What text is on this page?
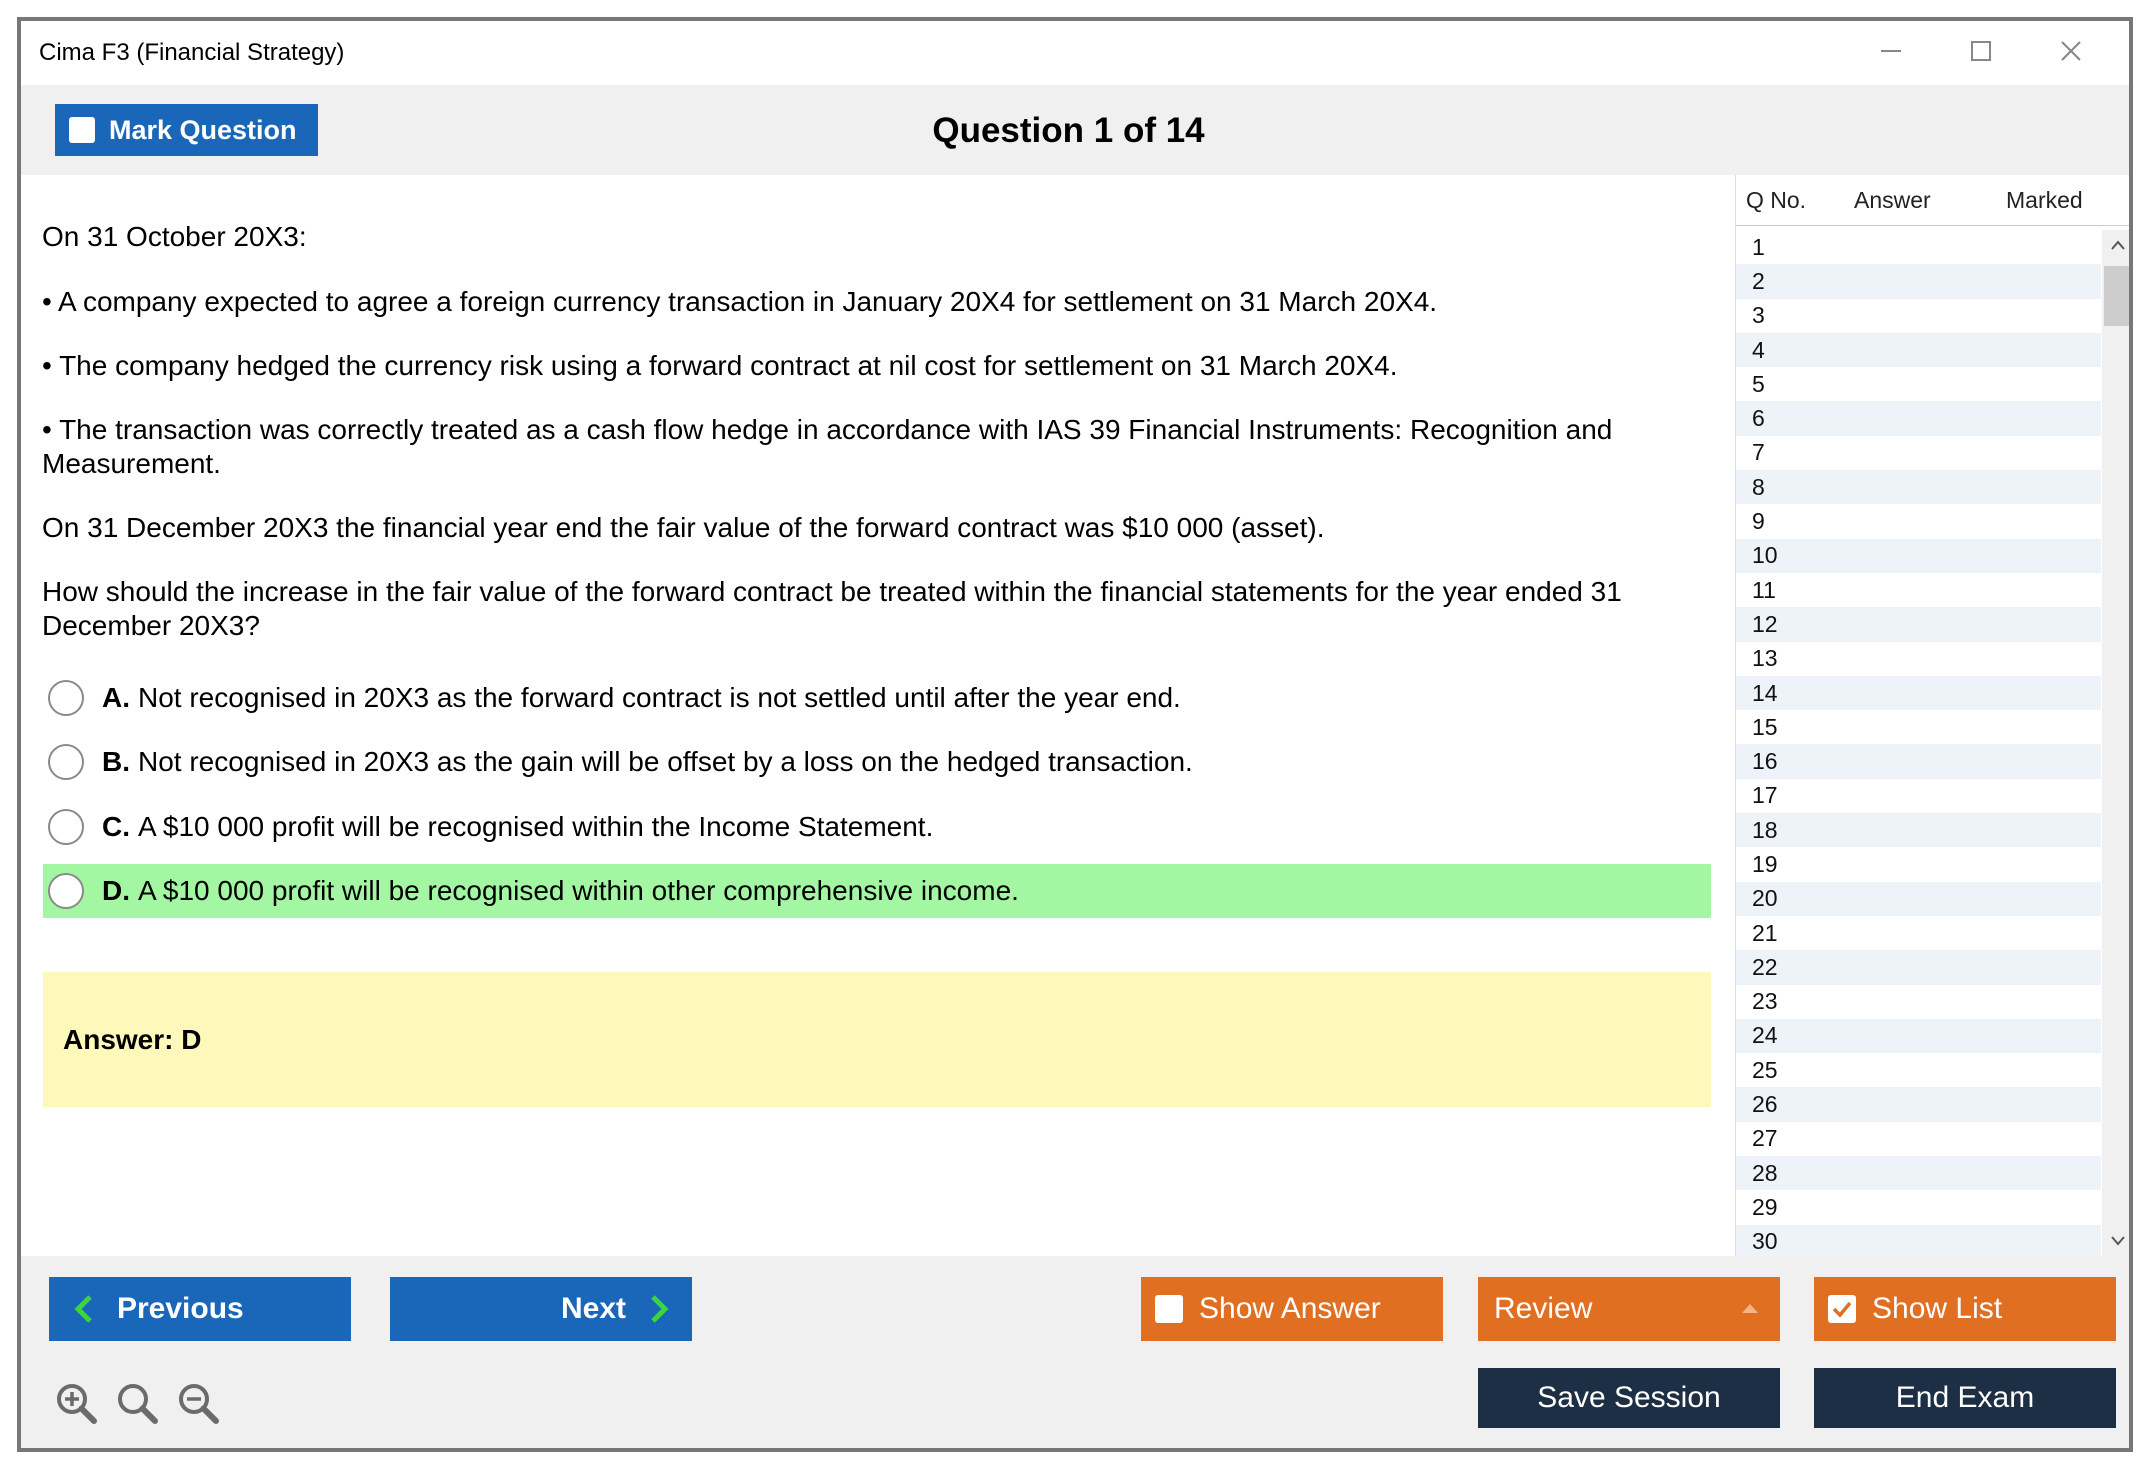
Cima F3 (Financial Strategy)
Mark Question	Question 1 of 14
On 31 October 20X3:
• A company expected to agree a foreign currency transaction in January 20X4 for settlement on 31 March 20X4.
• The company hedged the currency risk using a forward contract at nil cost for settlement on 31 March 20X4.
• The transaction was correctly treated as a cash flow hedge in accordance with IAS 39 Financial Instruments: Recognition and Measurement.
On 31 December 20X3 the financial year end the fair value of the forward contract was $10 000 (asset).
How should the increase in the fair value of the forward contract be treated within the financial statements for the year ended 31 December 20X3?
A. Not recognised in 20X3 as the forward contract is not settled until after the year end.
B. Not recognised in 20X3 as the gain will be offset by a loss on the hedged transaction.
C. A $10 000 profit will be recognised within the Income Statement.
D. A $10 000 profit will be recognised within other comprehensive income.
Answer: D
Q No. Answer	Marked
1
2
3
4
5
6
7
8
9
10
11
12
13
14
15
16
17
18
19
20
21
22
23
24
25
26
27
28
29
30
Previous	Next	Show Answer	Review	Show List
Save Session	End Exam
